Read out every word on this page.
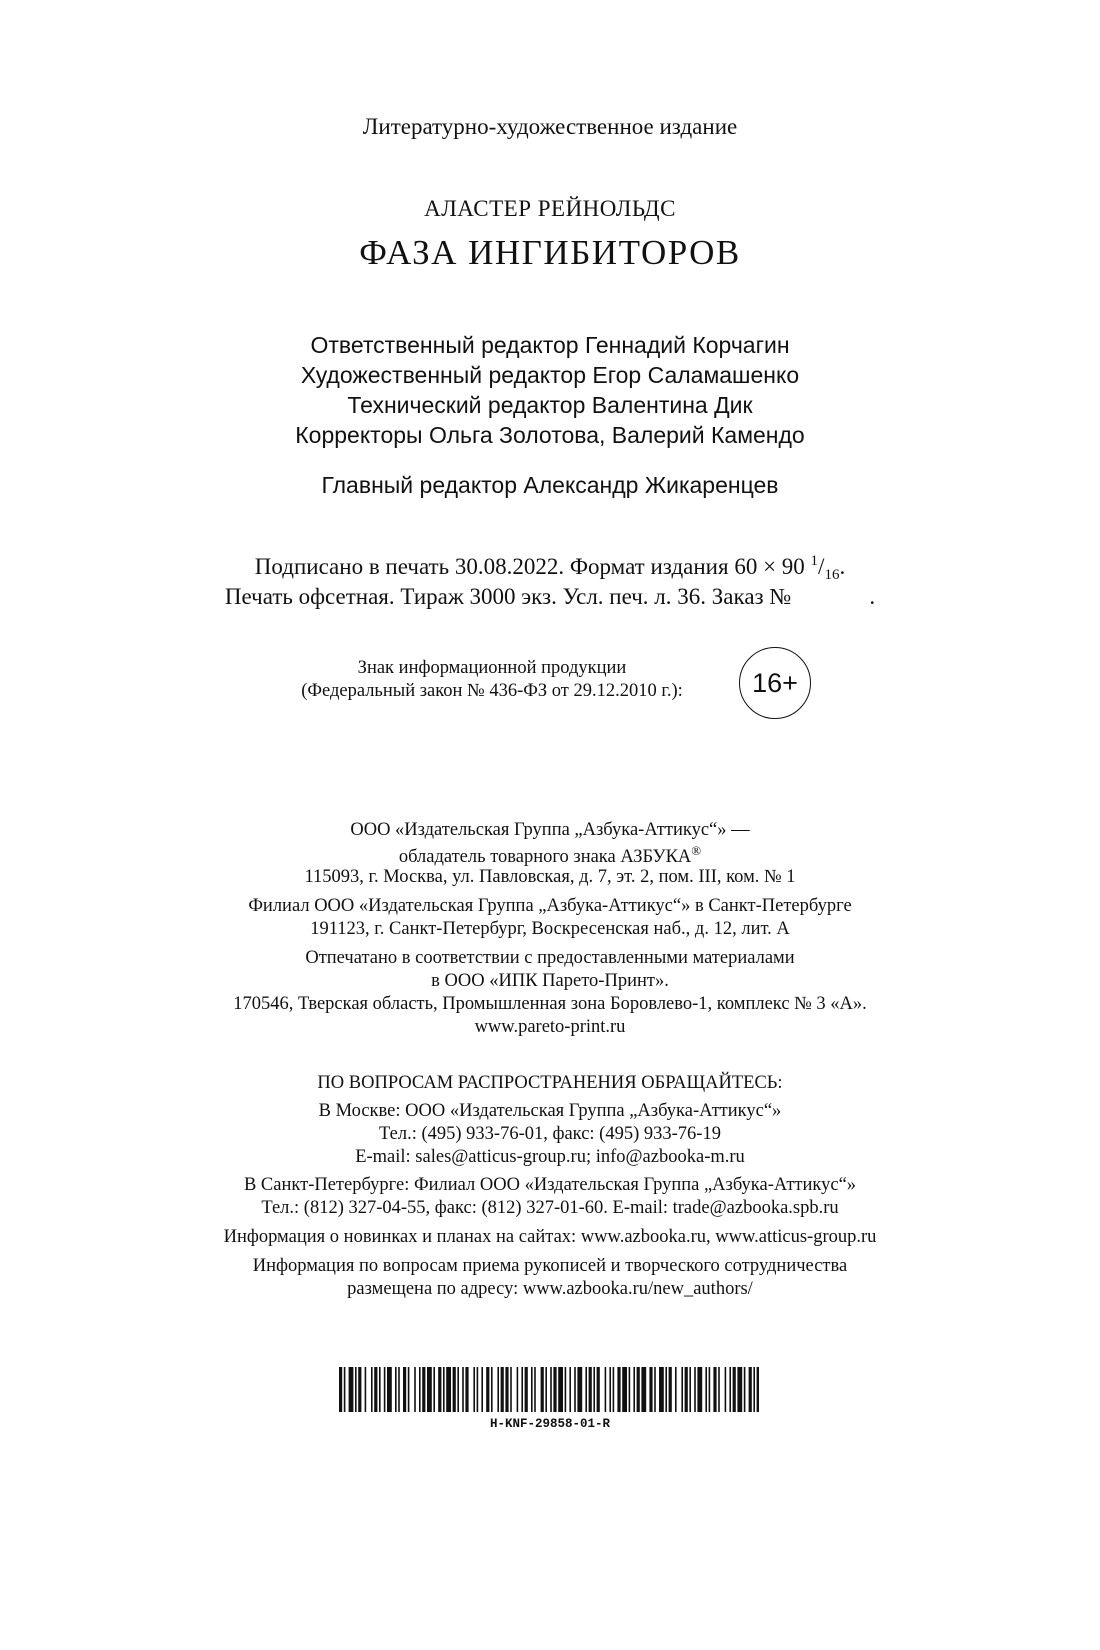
Литературно-художественное издание
АЛАСТЕР РЕЙНОЛЬДС
ФАЗА ИНГИБИТОРОВ
Ответственный редактор Геннадий Корчагин
Художественный редактор Егор Саламашенко
Технический редактор Валентина Дик
Корректоры Ольга Золотова, Валерий Камендо
Главный редактор Александр Жикаренцев
Подписано в печать 30.08.2022. Формат издания 60 × 90 $^1/_{16}$.
Печать офсетная. Тираж 3000 экз. Усл. печ. л. 36. Заказ №	.
Знак информационной продукции
(Федеральный закон № 436-ФЗ от 29.12.2010 г.):	16+
ООО «Издательская Группа „Азбука-Аттикус“» —
обладатель товарного знака АЗБУКА®
115093, г. Москва, ул. Павловская, д. 7, эт. 2, пом. III, ком. № 1
Филиал ООО «Издательская Группа „Азбука-Аттикус“» в Санкт-Петербурге
191123, г. Санкт-Петербург, Воскресенская наб., д. 12, лит. А
Отпечатано в соответствии с предоставленными материалами
в ООО «ИПК Парето-Принт».
170546, Тверская область, Промышленная зона Боровлево-1, комплекс № 3 «А».
www.pareto-print.ru
ПО ВОПРОСАМ РАСПРОСТРАНЕНИЯ ОБРАЩАЙТЕСЬ:
В Москве: ООО «Издательская Группа „Азбука-Аттикус“»
Тел.: (495) 933-76-01, факс: (495) 933-76-19
E-mail: sales@atticus-group.ru; info@azbooka-m.ru
В Санкт-Петербурге: Филиал ООО «Издательская Группа „Азбука-Аттикус“»
Тел.: (812) 327-04-55, факс: (812) 327-01-60. E-mail: trade@azbooka.spb.ru
Информация о новинках и планах на сайтах: www.azbooka.ru, www.atticus-group.ru
Информация по вопросам приема рукописей и творческого сотрудничества
размещена по адресу: www.azbooka.ru/new_authors/
H-KNF-29858-01-R
